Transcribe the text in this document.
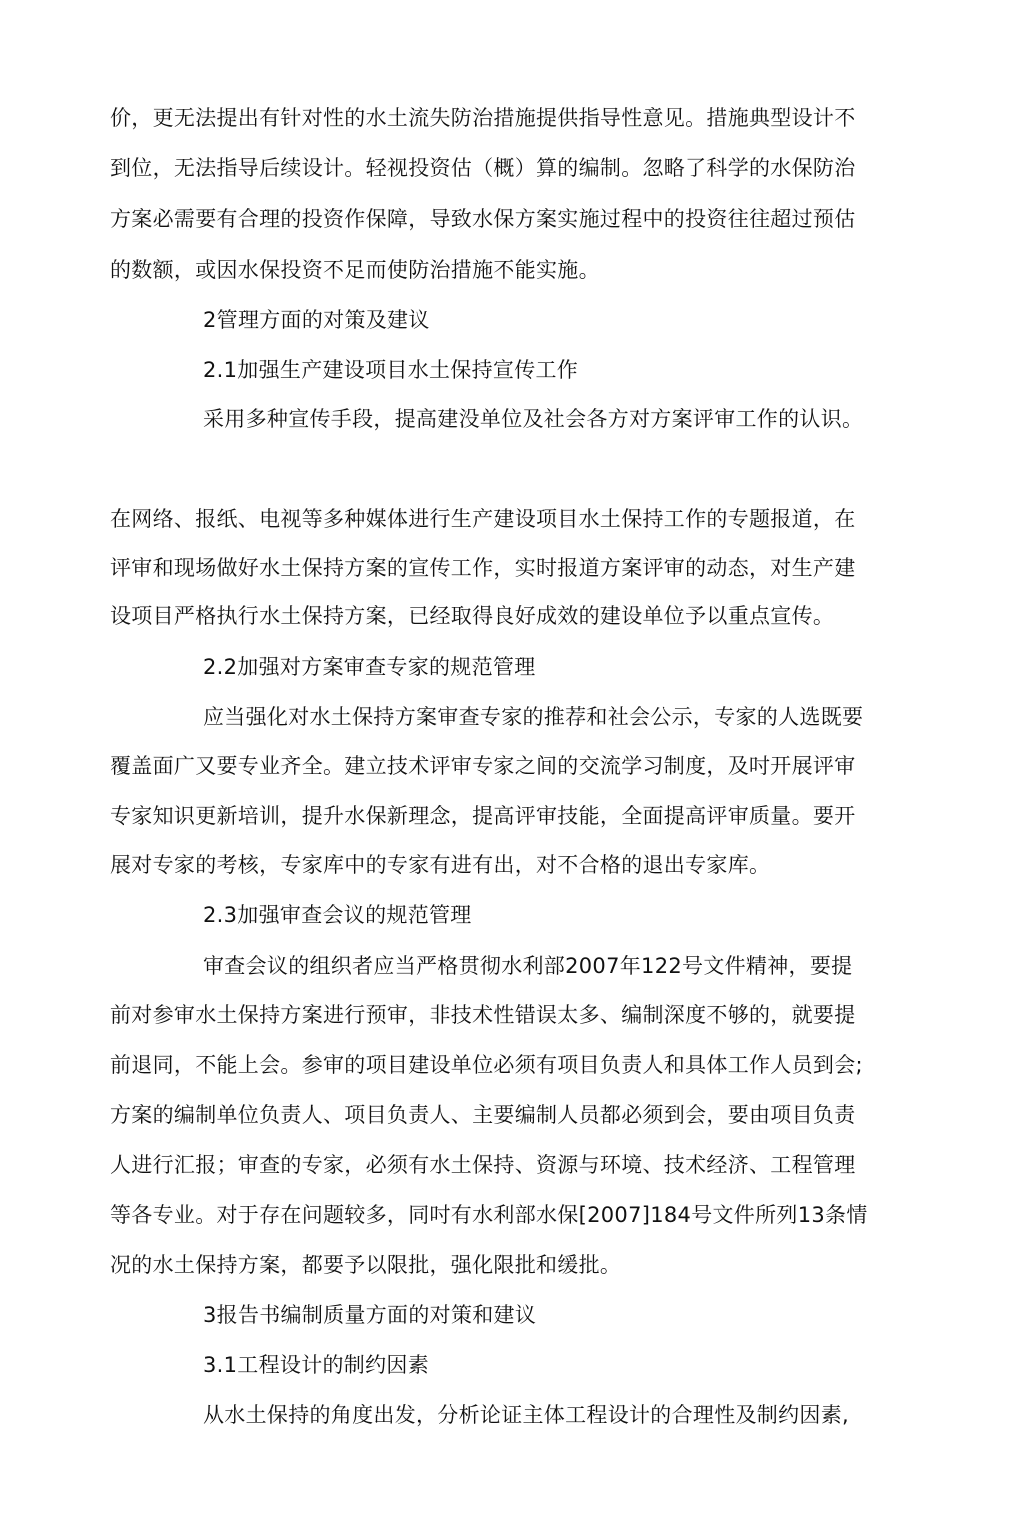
价，更无法提出有针对性的水土流失防治措施提供指导性意见。措施典型设计不
到位，无法指导后续设计。轻视投资估（概）算的编制。忽略了科学的水保防治
方案必需要有合理的投资作保障，导致水保方案实施过程中的投资往往超过预估
的数额，或因水保投资不足而使防治措施不能实施。
2管理方面的对策及建议
2.1加强生产建设项目水土保持宣传工作
采用多种宣传手段，提高建没单位及社会各方对方案评审工作的认识。
在网络、报纸、电视等多种媒体进行生产建设项目水土保持工作的专题报道，在
评审和现场做好水土保持方案的宣传工作，实时报道方案评审的动态，对生产建
设项目严格执行水土保持方案，已经取得良好成效的建设单位予以重点宣传。
2.2加强对方案审查专家的规范管理
应当强化对水土保持方案审查专家的推荐和社会公示，专家的人选既要
覆盖面广又要专业齐全。建立技术评审专家之间的交流学习制度，及吋开展评审
专家知识更新培训，提升水保新理念，提高评审技能，全面提高评审质量。要开
展对专家的考核，专家库中的专家有进有出，对不合格的退出专家库。
2.3加强审查会议的规范管理
审查会议的组织者应当严格贯彻水利部2007年122号文件精神，要提
前对参审水土保持方案进行预审，非技术性错误太多、编制深度不够的，就要提
前退同，不能上会。参审的项目建设单位必须有项目负责人和具体工作人员到会;
方案的编制单位负责人、项目负责人、主要编制人员都必须到会，要由项目负责
人进行汇报；审查的专家，必须有水土保持、资源与环境、技术经济、工程管理
等各专业。对于存在问题较多，同吋有水利部水保[2007]184号文件所列13条情
况的水土保持方案，都要予以限批，强化限批和缓批。
3报告书编制质量方面的对策和建议
3.1工程设计的制约因素
从水土保持的角度出发，分析论证主体工程设计的合理性及制约因素,
